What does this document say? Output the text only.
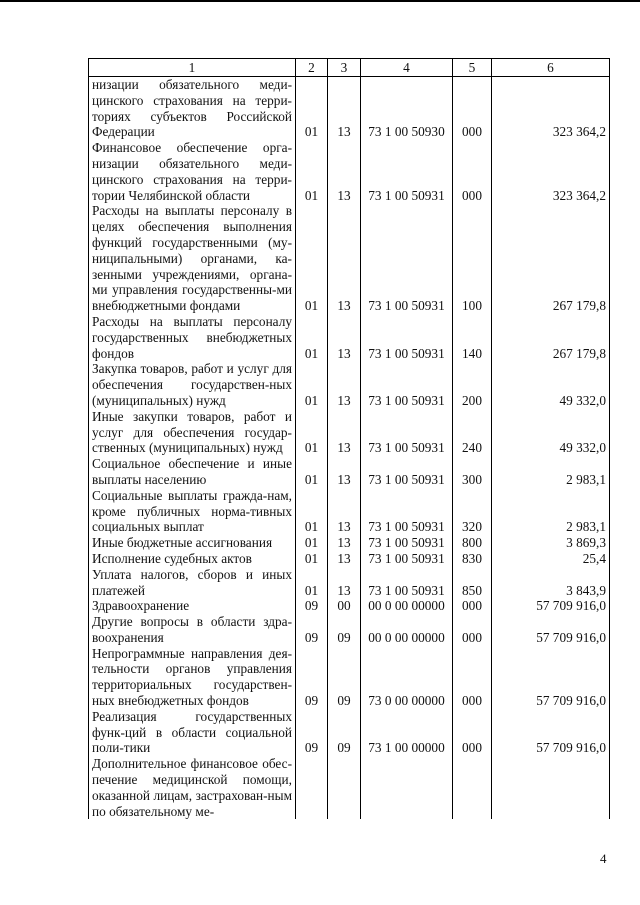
1	2	3	4	5	6
низации обязательного меди-цинского страхования на терри-ториях субъектов Российской Федерации	01	13	73 1 00 50930	000	323 364,2
Финансовое обеспечение орга-низации обязательного меди-цинского страхования на терри-тории Челябинской области	01	13	73 1 00 50931	000	323 364,2
Расходы на выплаты персоналу в целях обеспечения выполнения функций государственными (му-ниципальными) органами, ка-зенными учреждениями, органа-ми управления государственны-ми внебюджетными фондами	01	13	73 1 00 50931	100	267 179,8
Расходы на выплаты персоналу государственных внебюджетных фондов	01	13	73 1 00 50931	140	267 179,8
Закупка товаров, работ и услуг для обеспечения государствен-ных (муниципальных) нужд	01	13	73 1 00 50931	200	49 332,0
Иные закупки товаров, работ и услуг для обеспечения государ-ственных (муниципальных) нужд	01	13	73 1 00 50931	240	49 332,0
Социальное обеспечение и иные выплаты населению	01	13	73 1 00 50931	300	2 983,1
Социальные выплаты гражда-нам, кроме публичных норма-тивных социальных выплат	01	13	73 1 00 50931	320	2 983,1
Иные бюджетные ассигнования	01	13	73 1 00 50931	800	3 869,3
Исполнение судебных актов	01	13	73 1 00 50931	830	25,4
Уплата налогов, сборов и иных платежей	01	13	73 1 00 50931	850	3 843,9
Здравоохранение	09	00	00 0 00 00000	000	57 709 916,0
Другие вопросы в области здра-воохранения	09	09	00 0 00 00000	000	57 709 916,0
Непрограммные направления дея-тельности органов управления территориальных государствен-ных внебюджетных фондов	09	09	73 0 00 00000	000	57 709 916,0
Реализация государственных функ-ций в области социальной поли-тики	09	09	73 1 00 00000	000	57 709 916,0
Дополнительное финансовое обес-печение медицинской помощи, оказанной лицам, застрахован-ным по обязательному ме-					
4
